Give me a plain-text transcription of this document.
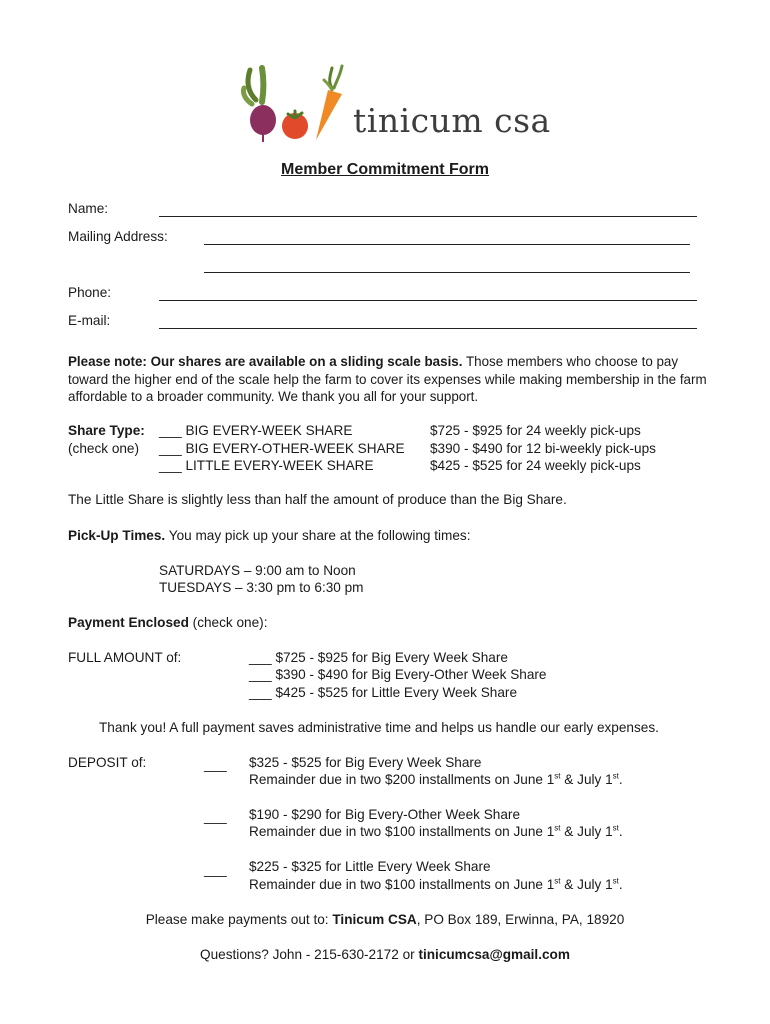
tinicum csa
Member Commitment Form
Name:
Mailing Address:
Phone:
E-mail:
Please note: Our shares are available on a sliding scale basis. Those members who choose to pay toward the higher end of the scale help the farm to cover its expenses while making membership in the farm affordable to a broader community. We thank you all for your support.
Share Type:
(check one)
___ BIG EVERY-WEEK SHARE
___ BIG EVERY-OTHER-WEEK SHARE
___ LITTLE EVERY-WEEK SHARE
$725 - $925 for 24 weekly pick-ups
$390 - $490 for 12 bi-weekly pick-ups
$425 - $525 for 24 weekly pick-ups
The Little Share is slightly less than half the amount of produce than the Big Share.
Pick-Up Times. You may pick up your share at the following times:
SATURDAYS – 9:00 am to Noon
TUESDAYS – 3:30 pm to 6:30 pm
Payment Enclosed (check one):
FULL AMOUNT of:	___ $725 - $925 for Big Every Week Share
___ $390 - $490 for Big Every-Other Week Share
___ $425 - $525 for Little Every Week Share
Thank you! A full payment saves administrative time and helps us handle our early expenses.
DEPOSIT of:	___ $325 - $525 for Big Every Week Share
Remainder due in two $200 installments on June 1st & July 1st.
___ $190 - $290 for Big Every-Other Week Share
Remainder due in two $100 installments on June 1st & July 1st.
___ $225 - $325 for Little Every Week Share
Remainder due in two $100 installments on June 1st & July 1st.
Please make payments out to: Tinicum CSA, PO Box 189, Erwinna, PA, 18920
Questions? John - 215-630-2172 or tinicumcsa@gmail.com
